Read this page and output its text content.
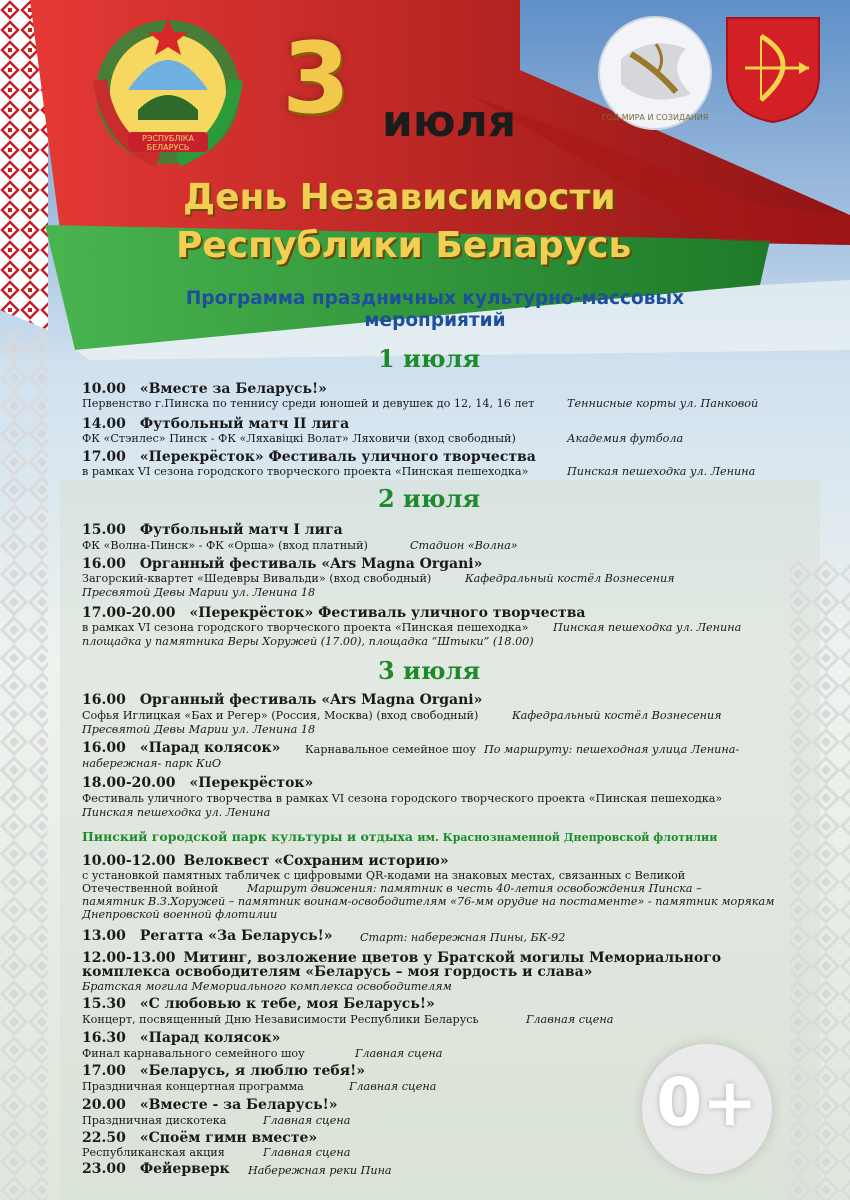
РЭСПУБЛІКА
БЕЛАРУСЬ
ГОД МИРА И СОЗИДАНИЯ
3 июля
День Независимости
Республики Беларусь
Программа праздничных культурно-массовых мероприятий
1 июля
10.00 «Вместе за Беларусь!»
Первенство г.Пинска по теннису среди юношей и девушек до 12, 14, 16 лет	Теннисные корты ул. Панковой
14.00 Футбольный матч II лига
ФК «Стэнлес» Пинск - ФК «Ляхавіцкі Волат» Ляховичи (вход свободный)	Академия футбола
17.00 «Перекрёсток» Фестиваль уличного творчества
в рамках VI сезона городского творческого проекта «Пинская пешеходка»	Пинская пешеходка ул. Ленина
2 июля
15.00 Футбольный матч I лига
ФК «Волна-Пинск» - ФК «Орша» (вход платный)	Стадион «Волна»
16.00 Органный фестиваль «Ars Magna Organi»
Загорский-квартет «Шедевры Вивальди» (вход свободный)	Кафедральный костёл Вознесения
Пресвятой Девы Марии ул. Ленина 18
17.00-20.00 «Перекрёсток» Фестиваль уличного творчества
в рамках VI сезона городского творческого проекта «Пинская пешеходка» Пинская пешеходка ул. Ленина
площадка у памятника Веры Хоружей (17.00), площадка “Штыки” (18.00)
3 июля
16.00 Органный фестиваль «Ars Magna Organi»
Софья Иглицкая «Бах и Регер» (Россия, Москва) (вход свободный)	Кафедральный костёл Вознесения
Пресвятой Девы Марии ул. Ленина 18
16.00 «Парад колясок» Карнавальное семейное шоу По маршруту: пешеходная улица Ленина-
набережная- парк КиО
18.00-20.00 «Перекрёсток»
Фестиваль уличного творчества в рамках VI сезона городского творческого проекта «Пинская пешеходка»
Пинская пешеходка ул. Ленина
Пинский городской парк культуры и отдыха им. Краснознаменной Днепровской флотилии
10.00-12.00 Велоквест «Сохраним историю»
с установкой памятных табличек с цифровыми QR-кодами на знаковых местах, связанных с Великой
Отечественной войной	Маршрут движения: памятник в честь 40-летия освобождения Пинска –
памятник В.З.Хоружей – памятник воинам-освободителям «76-мм орудие на постаменте» - памятник морякам
Днепровской военной флотилии
13.00 Регатта «За Беларусь!» Старт: набережная Пины, БК-92
12.00-13.00 Митинг, возложение цветов у Братской могилы Мемориального
комплекса освободителям «Беларусь – моя гордость и слава»
Братская могила Мемориального комплекса освободителям
15.30 «С любовью к тебе, моя Беларусь!»
Концерт, посвященный Дню Независимости Республики Беларусь	Главная сцена
16.30 «Парад колясок»
Финал карнавального семейного шоу	Главная сцена
17.00 «Беларусь, я люблю тебя!»
Праздничная концертная программа	Главная сцена
20.00 «Вместе - за Беларусь!»
Праздничная дискотека	Главная сцена
22.50 «Споём гимн вместе»
Республиканская акция	Главная сцена
23.00 Фейерверк Набережная реки Пина
0+
